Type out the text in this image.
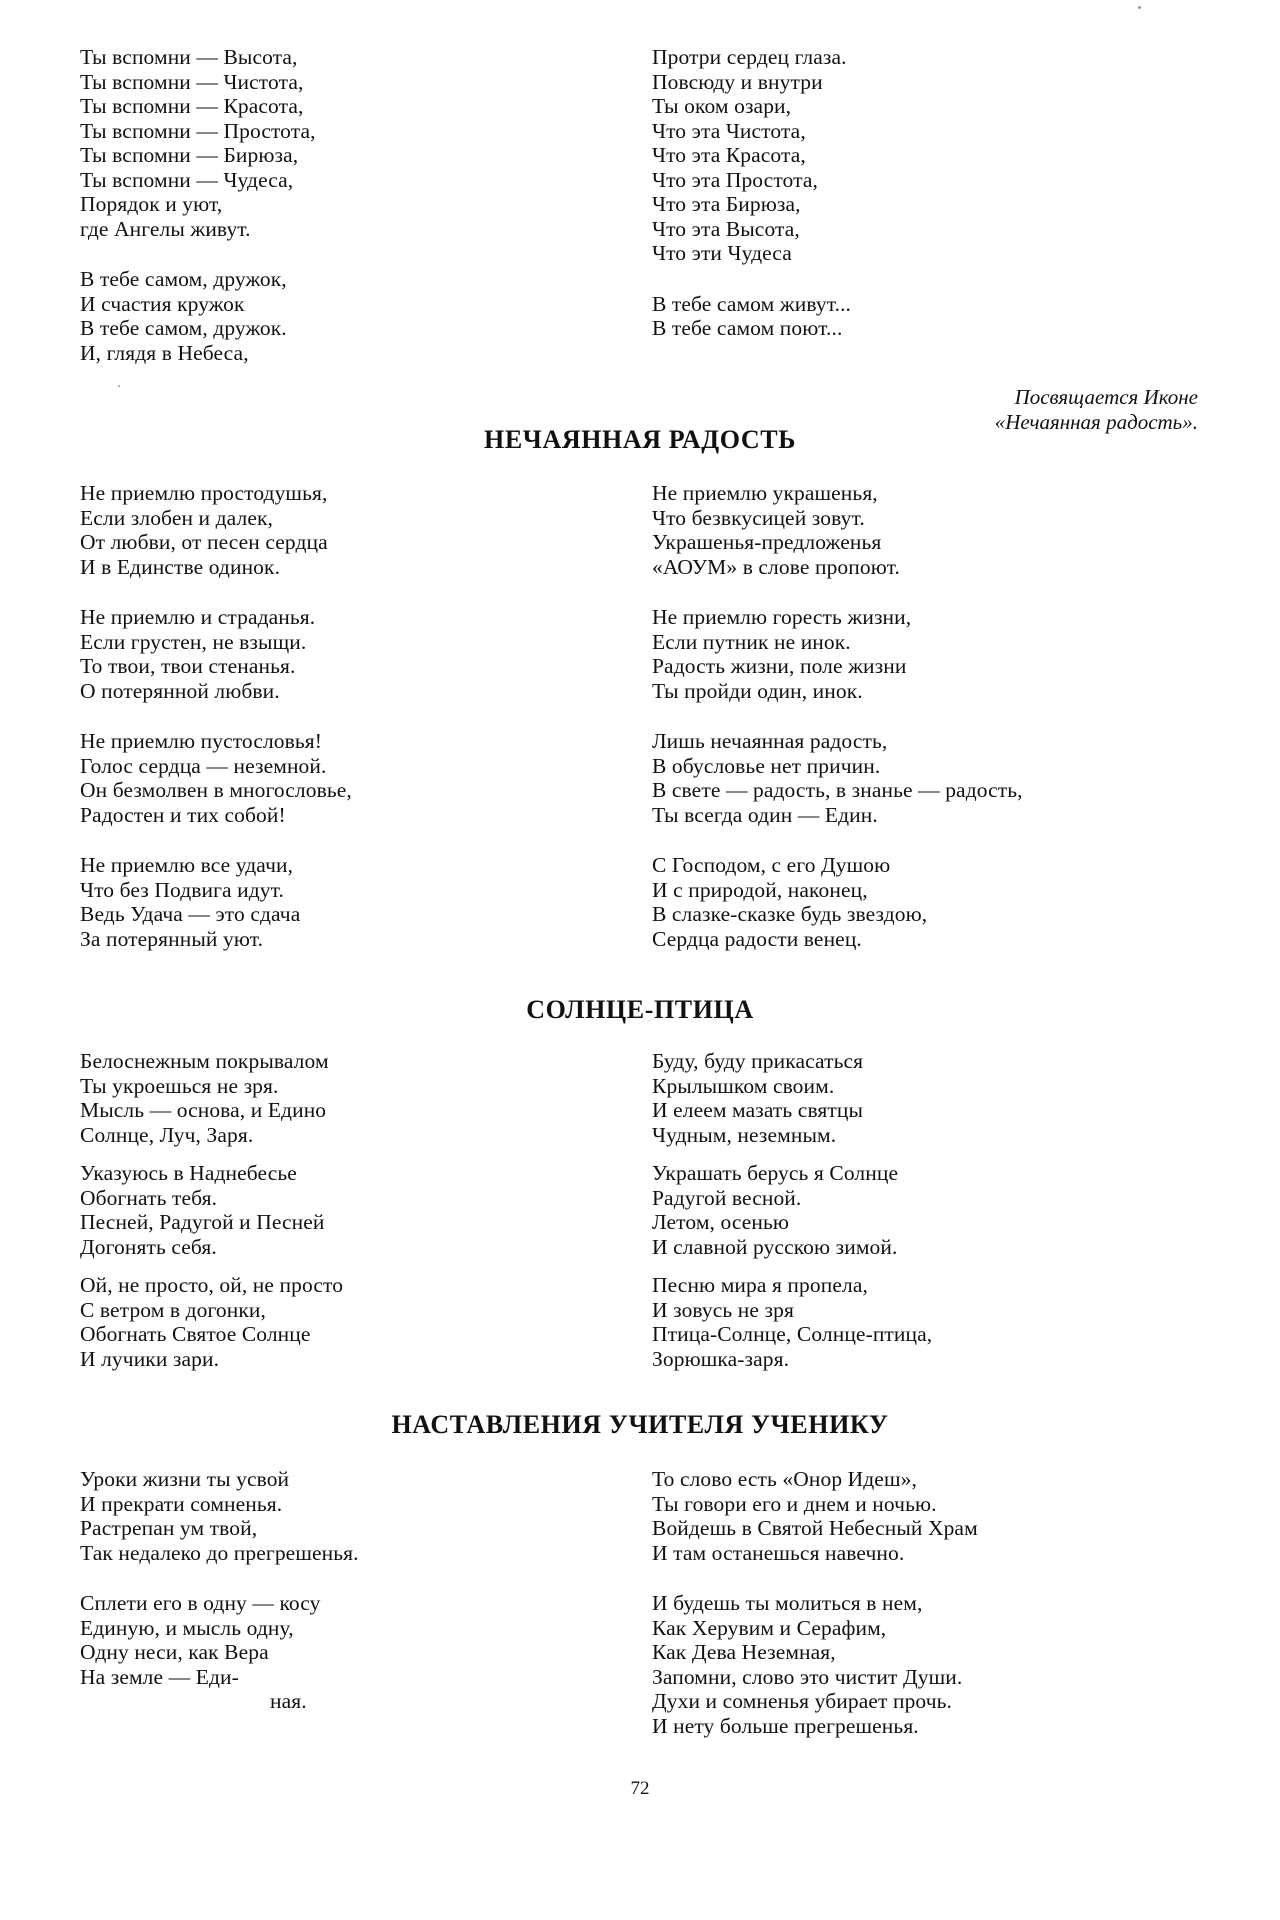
Ты вспомни — Высота,
Ты вспомни — Чистота,
Ты вспомни — Красота,
Ты вспомни — Простота,
Ты вспомни — Бирюза,
Ты вспомни — Чудеса,
Порядок и уют,
где Ангелы живут.
В тебе самом, дружок,
И счастия кружок
В тебе самом, дружок.
И, глядя в Небеса,
Протри сердец глаза.
Повсюду и внутри
Ты оком озари,
Что эта Чистота,
Что эта Красота,
Что эта Простота,
Что эта Бирюза,
Что эта Высота,
Что эти Чудеса
В тебе самом живут...
В тебе самом поют...
Посвящается Иконе
«Нечаянная радость».
НЕЧАЯННАЯ РАДОСТЬ
Не приемлю простодушья,
Если злобен и далек,
От любви, от песен сердца
И в Единстве одинок.
Не приемлю и страданья.
Если грустен, не взыщи.
То твои, твои стенанья.
О потерянной любви.
Не приемлю пустословья!
Голос сердца — неземной.
Он безмолвен в многословье,
Радостен и тих собой!
Не приемлю все удачи,
Что без Подвига идут.
Ведь Удача — это сдача
За потерянный уют.
Не приемлю украшенья,
Что безвкусицей зовут.
Украшенья-предложенья
«АОУМ» в слове пропоют.
Не приемлю горесть жизни,
Если путник не инок.
Радость жизни, поле жизни
Ты пройди один, инок.
Лишь нечаянная радость,
В обусловье нет причин.
В свете — радость, в знанье — радость,
Ты всегда один — Един.
С Господом, с его Душою
И с природой, наконец,
В слазке-сказке будь звездою,
Сердца радости венец.
СОЛНЦЕ-ПТИЦА
Белоснежным покрывалом
Ты укроешься не зря.
Мысль — основа, и Едино
Солнце, Луч, Заря.
Указуюсь в Наднебесье
Обогнать тебя.
Песней, Радугой и Песней
Догонять себя.
Ой, не просто, ой, не просто
С ветром в догонки,
Обогнать Святое Солнце
И лучики зари.
Буду, буду прикасаться
Крылышком своим.
И елеем мазать святцы
Чудным, неземным.
Украшать берусь я Солнце
Радугой весной.
Летом, осенью
И славной русскою зимой.
Песню мира я пропела,
И зовусь не зря
Птица-Солнце, Солнце-птица,
Зорюшка-заря.
НАСТАВЛЕНИЯ УЧИТЕЛЯ УЧЕНИКУ
Уроки жизни ты усвой
И прекрати сомненья.
Растрепан ум твой,
Так недалеко до прегрешенья.
Сплети его в одну — косу
Единую, и мысль одну,
Одну неси, как Вера
На земле — Еди-
ная.
То слово есть «Онор Идеш»,
Ты говори его и днем и ночью.
Войдешь в Святой Небесный Храм
И там останешься навечно.
И будешь ты молиться в нем,
Как Херувим и Серафим,
Как Дева Неземная,
Запомни, слово это чистит Души.
Духи и сомненья убирает прочь.
И нету больше прегрешенья.
72
